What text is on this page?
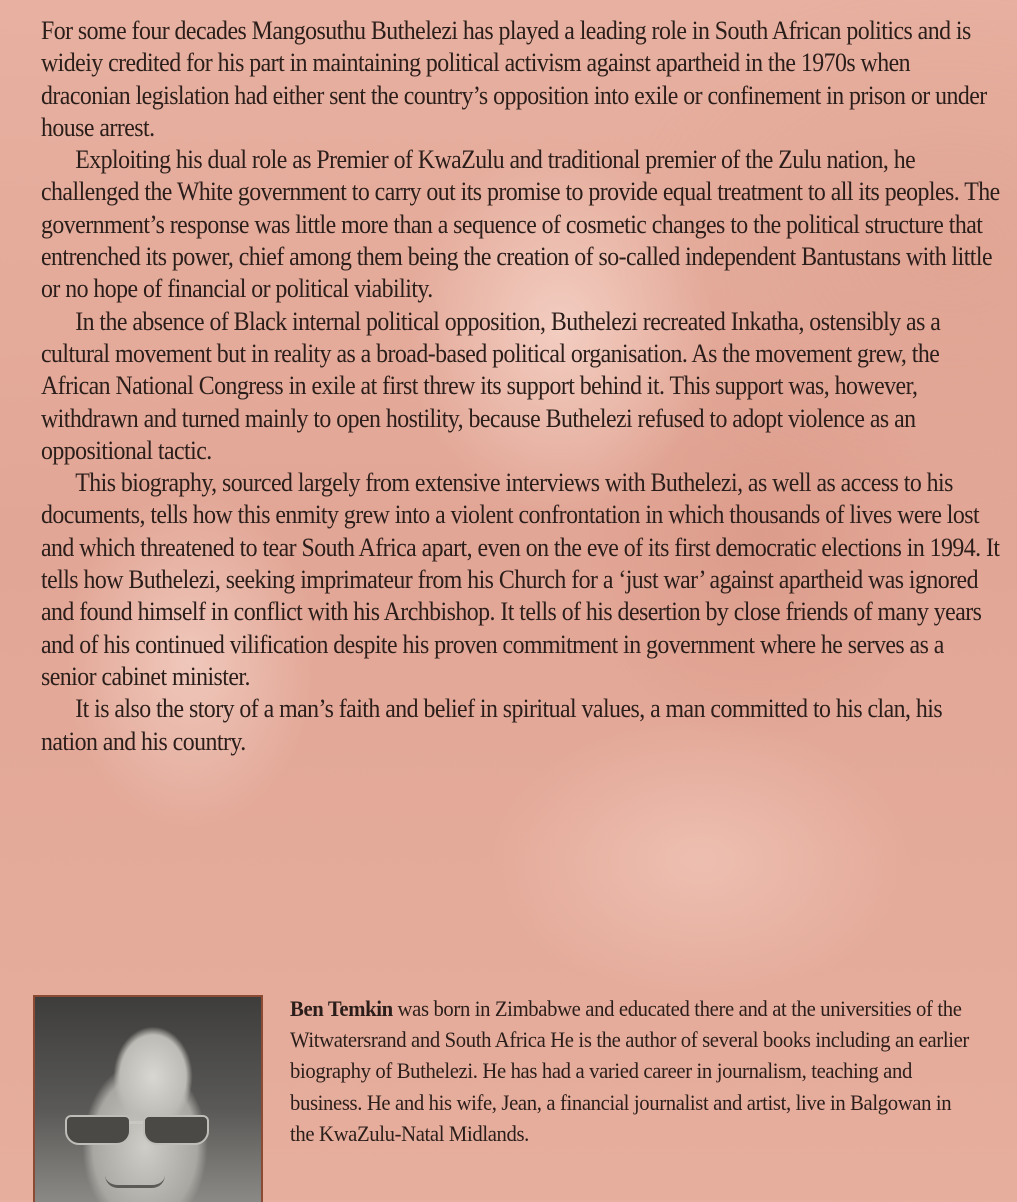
For some four decades Mangosuthu Buthelezi has played a leading role in South African politics and is wideiy credited for his part in maintaining political activism against apartheid in the 1970s when draconian legislation had either sent the country’s opposition into exile or confinement in prison or under house arrest.

Exploiting his dual role as Premier of KwaZulu and traditional premier of the Zulu nation, he challenged the White government to carry out its promise to provide equal treatment to all its peoples. The government’s response was little more than a sequence of cosmetic changes to the political structure that entrenched its power, chief among them being the creation of so-called independent Bantustans with little or no hope of financial or political viability.

In the absence of Black internal political opposition, Buthelezi recreated Inkatha, ostensibly as a cultural movement but in reality as a broad-based political organisation. As the movement grew, the African National Congress in exile at first threw its support behind it. This support was, however, withdrawn and turned mainly to open hostility, because Buthelezi refused to adopt violence as an oppositional tactic.

This biography, sourced largely from extensive interviews with Buthelezi, as well as access to his documents, tells how this enmity grew into a violent confrontation in which thousands of lives were lost and which threatened to tear South Africa apart, even on the eve of its first democratic elections in 1994. It tells how Buthelezi, seeking imprimateur from his Church for a ‘just war’ against apartheid was ignored and found himself in conflict with his Archbishop. It tells of his desertion by close friends of many years and of his continued vilification despite his proven commitment in government where he serves as a senior cabinet minister.

It is also the story of a man’s faith and belief in spiritual values, a man committed to his clan, his nation and his country.

Ben Temkin was born in Zimbabwe and educated there and at the universities of the Witwatersrand and South Africa He is the author of several books including an earlier biography of Buthelezi. He has had a varied career in journalism, teaching and business. He and his wife, Jean, a financial journalist and artist, live in Balgowan in the KwaZulu-Natal Midlands.
